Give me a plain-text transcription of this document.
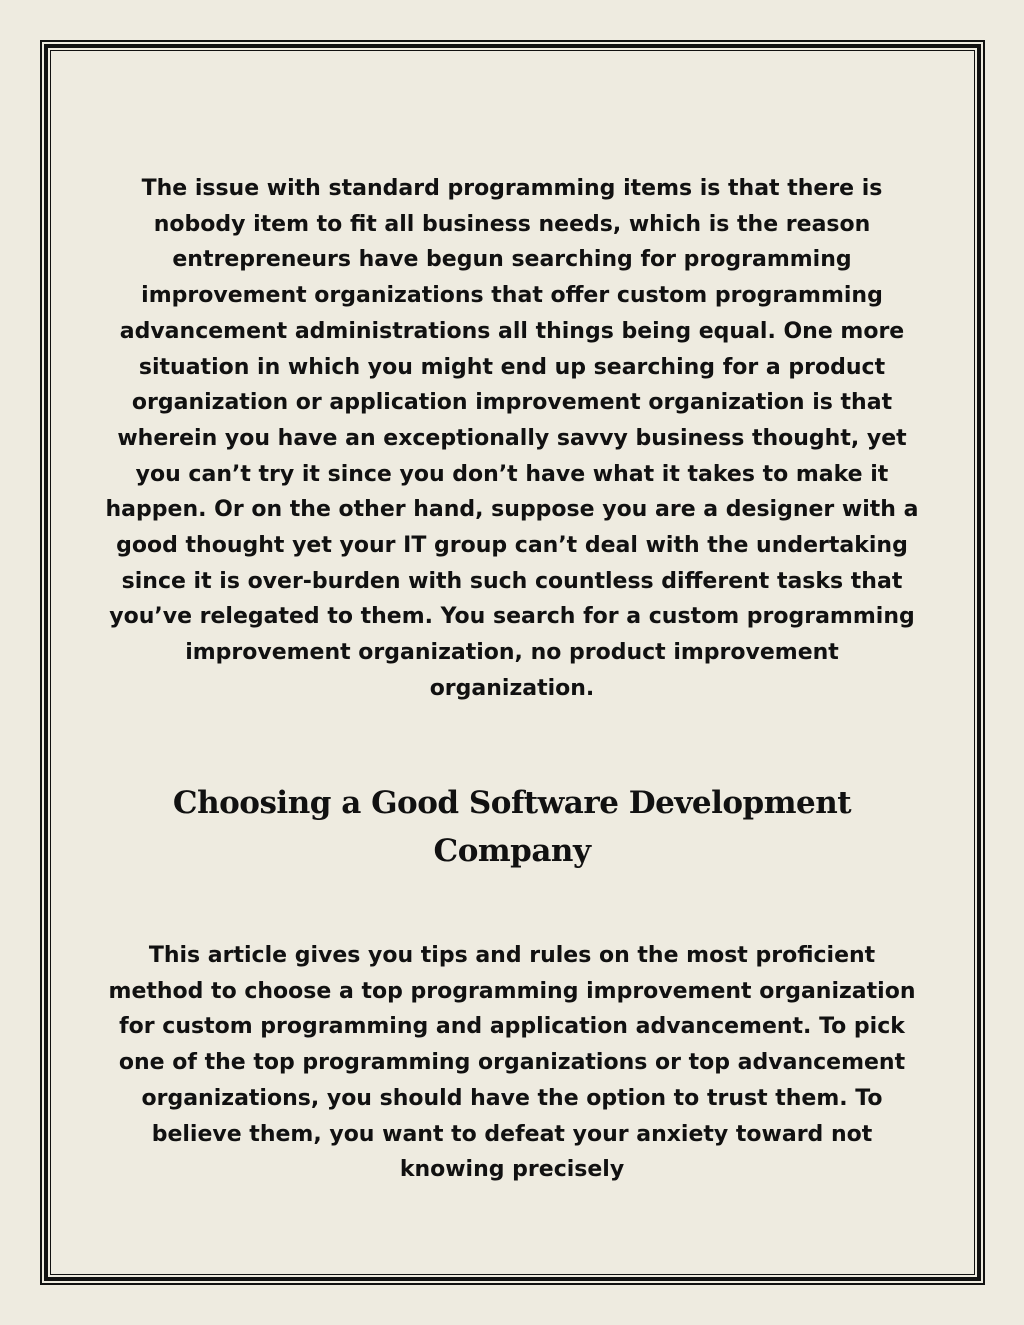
The issue with standard programming items is that there is nobody item to fit all business needs, which is the reason entrepreneurs have begun searching for programming improvement organizations that offer custom programming advancement administrations all things being equal. One more situation in which you might end up searching for a product organization or application improvement organization is that wherein you have an exceptionally savvy business thought, yet you can’t try it since you don’t have what it takes to make it happen. Or on the other hand, suppose you are a designer with a good thought yet your IT group can’t deal with the undertaking since it is over-burden with such countless different tasks that you’ve relegated to them. You search for a custom programming improvement organization, no product improvement organization.

Choosing a Good Software Development Company

This article gives you tips and rules on the most proficient method to choose a top programming improvement organization for custom programming and application advancement. To pick one of the top programming organizations or top advancement organizations, you should have the option to trust them. To believe them, you want to defeat your anxiety toward not knowing precisely
